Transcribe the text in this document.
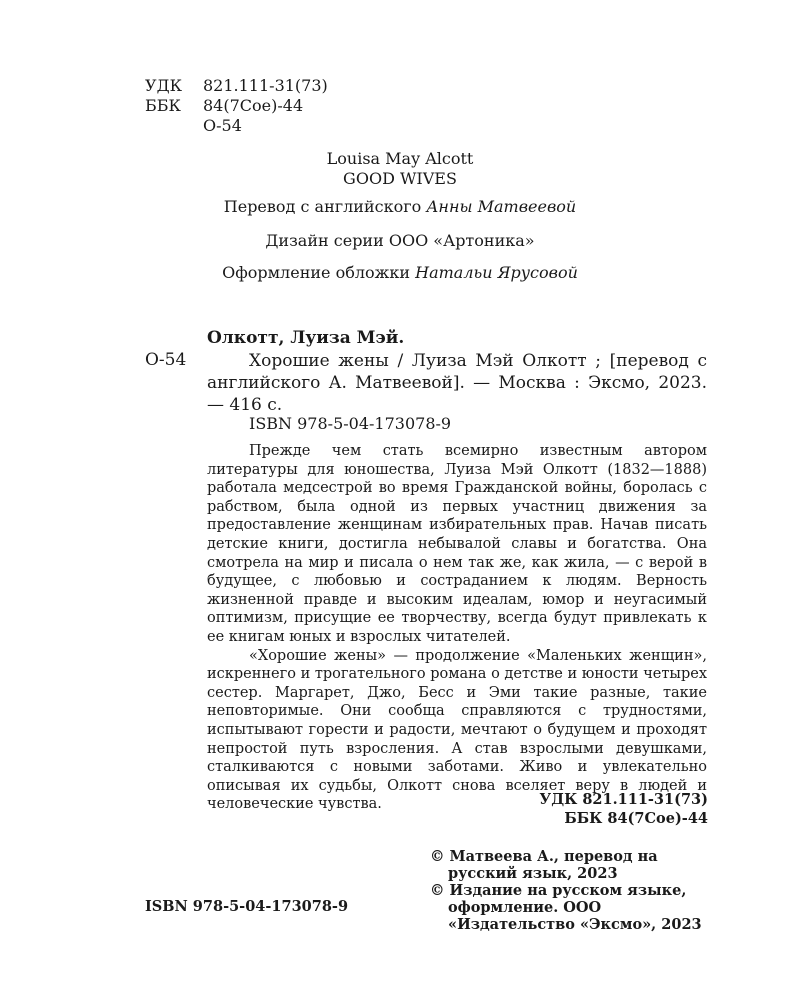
УДК 821.111-31(73)
ББК 84(7Сое)-44
О-54
Louisa May Alcott
GOOD WIVES
Перевод с английского Анны Матвеевой
Дизайн серии ООО «Артоника»
Оформление обложки Натальи Ярусовой
Олкотт, Луиза Мэй.
О-54	Хорошие жены / Луиза Мэй Олкотт ; [перевод с английского А. Матвеевой]. — Москва : Эксмо, 2023. — 416 с.

ISBN 978-5-04-173078-9

Прежде чем стать всемирно известным автором литературы для юношества, Луиза Мэй Олкотт (1832—1888) работала медсестрой во время Гражданской войны, боролась с рабством, была одной из первых участниц движения за предоставление женщинам избирательных прав. Начав писать детские книги, достигла небывалой славы и богатства. Она смотрела на мир и писала о нем так же, как жила, — с верой в будущее, с любовью и состраданием к людям. Верность жизненной правде и высоким идеалам, юмор и неугасимый оптимизм, присущие ее творчеству, всегда будут привлекать к ее книгам юных и взрослых читателей.

«Хорошие жены» — продолжение «Маленьких женщин», искреннего и трогательного романа о детстве и юности четырех сестер. Маргарет, Джо, Бесс и Эми такие разные, такие неповторимые. Они сообща справляются с трудностями, испытывают горести и радости, мечтают о будущем и проходят непростой путь взросления. А став взрослыми девушками, сталкиваются с новыми заботами. Живо и увлекательно описывая их судьбы, Олкотт снова вселяет веру в людей и человеческие чувства.	УДК 821.111-31(73)
ББК 84(7Сое)-44
© Матвеева А., перевод на русский язык, 2023
© Издание на русском языке, оформление. ООО «Издательство «Эксмо», 2023
ISBN 978-5-04-173078-9
